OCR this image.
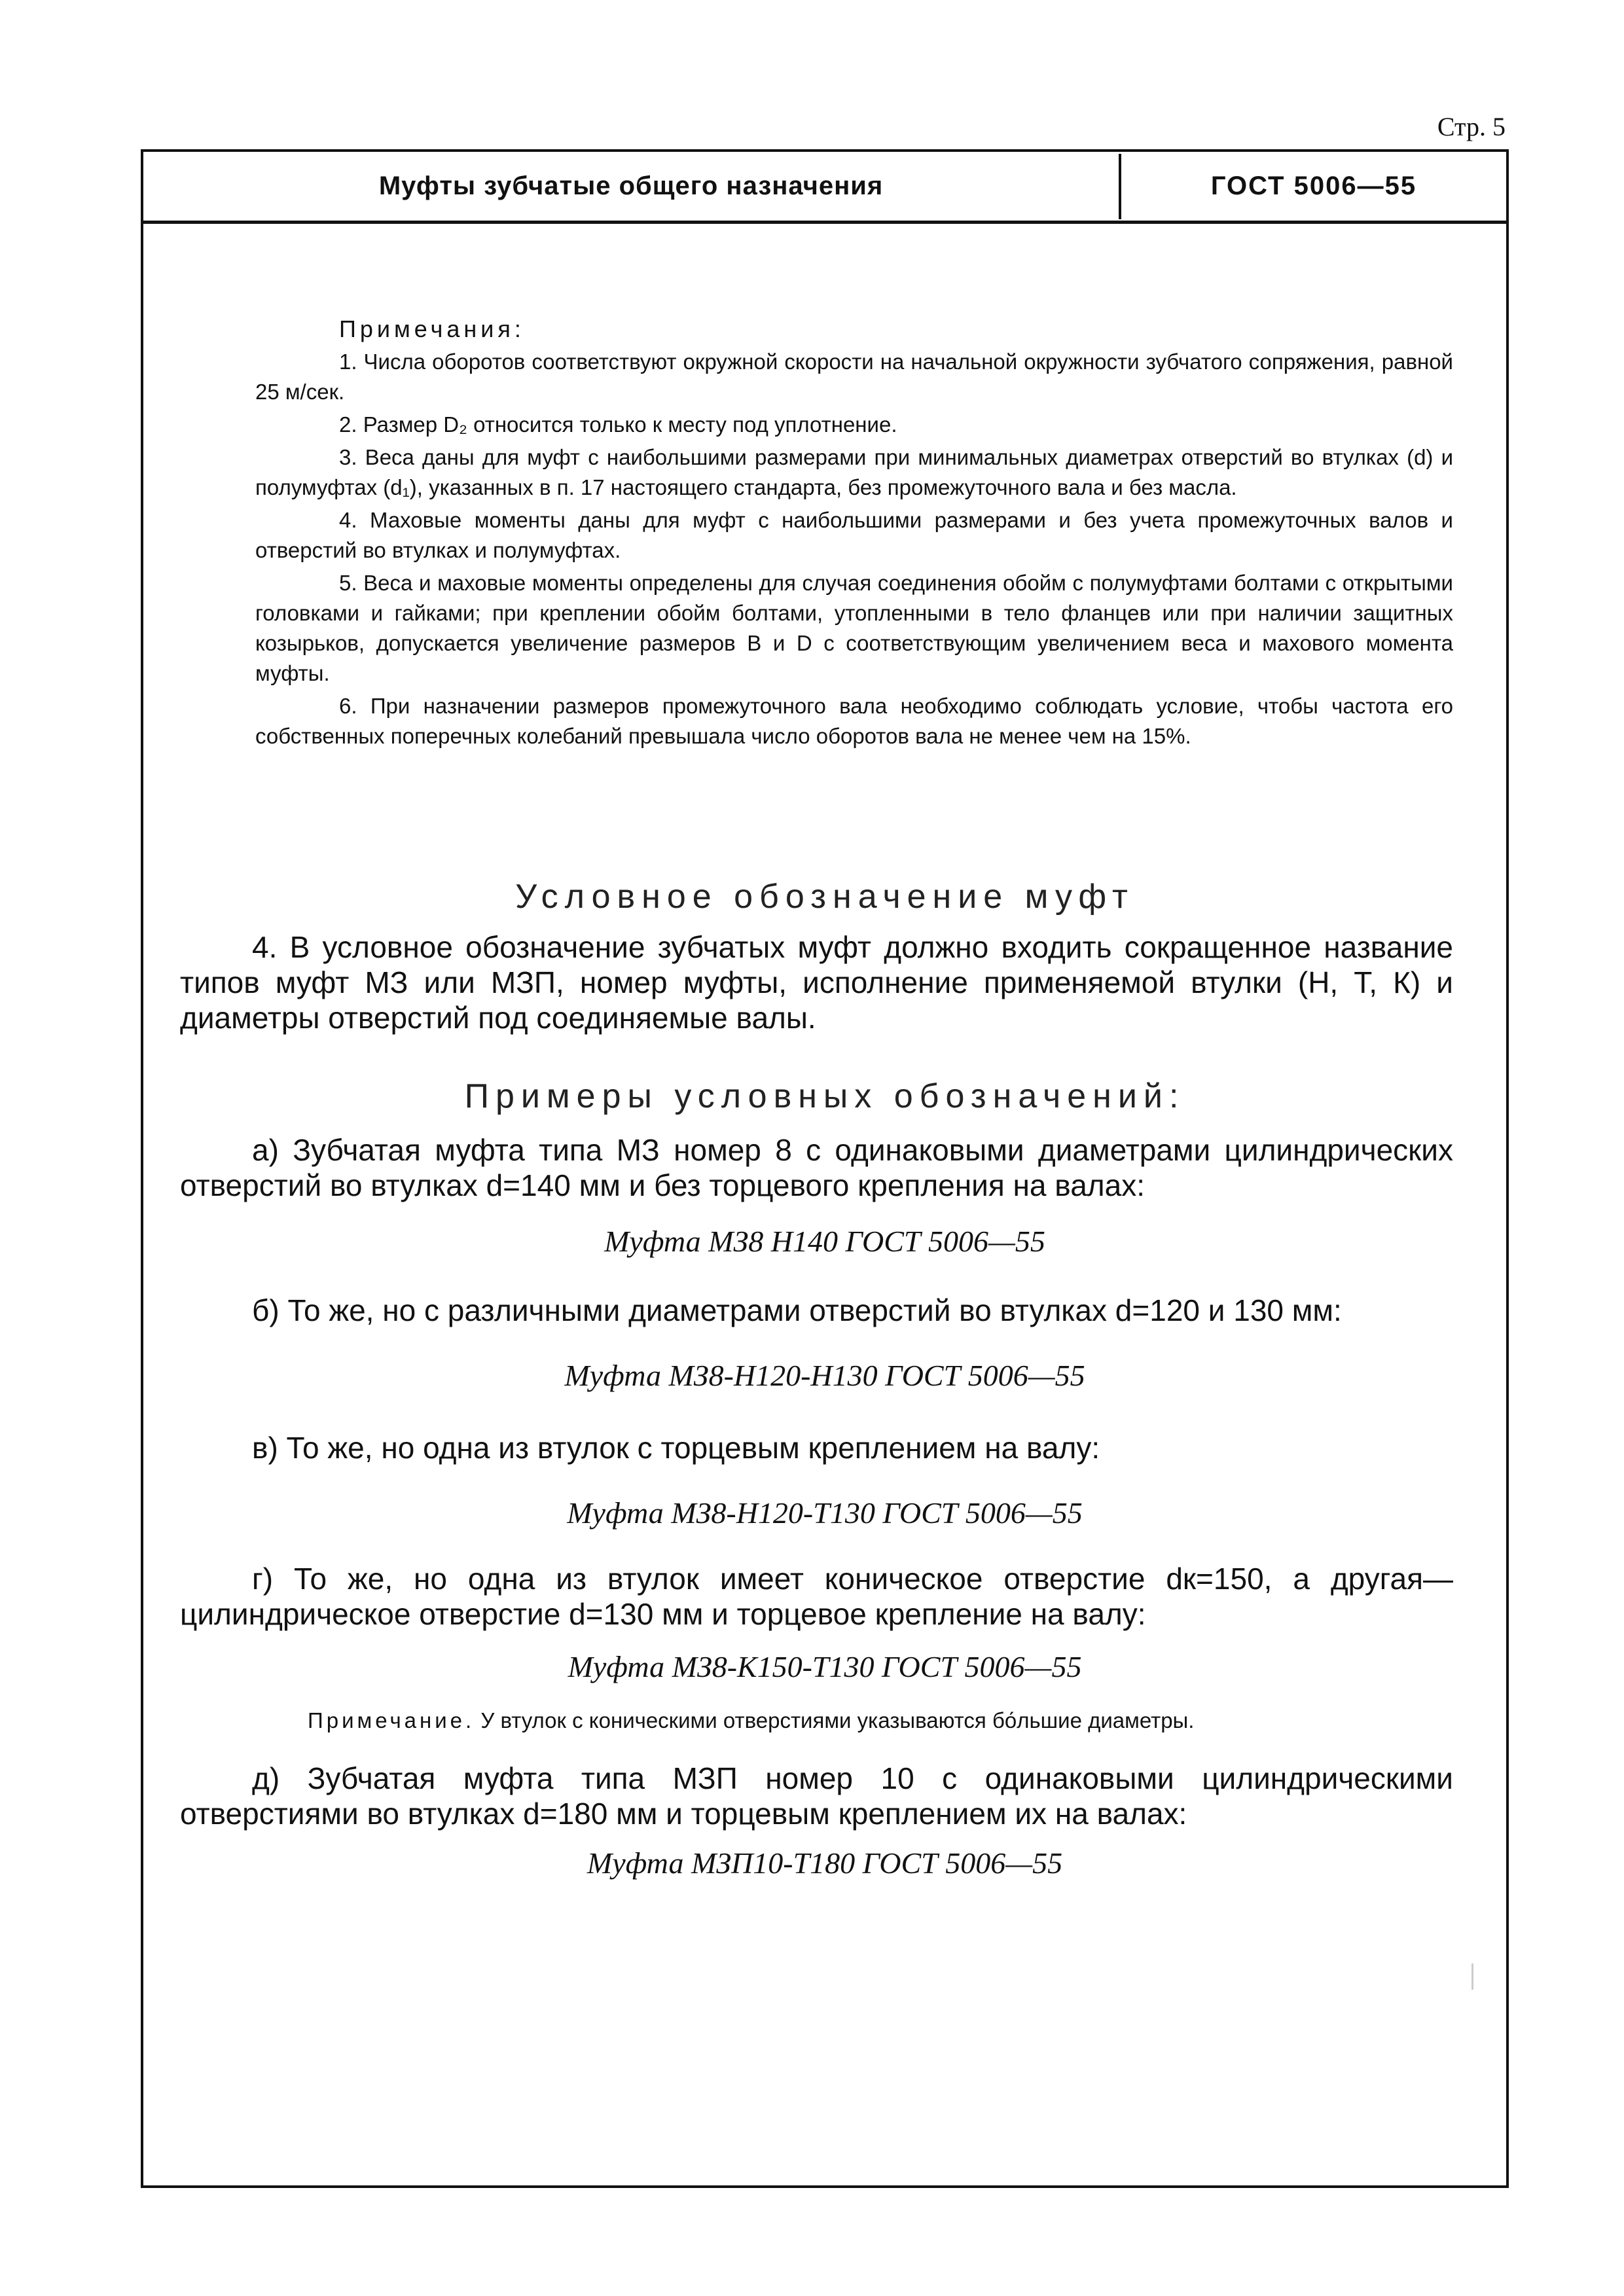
Стр. 5
Муфты зубчатые общего назначения	ГОСТ 5006—55
Примечания:

1. Числа оборотов соответствуют окружной скорости на начальной окружности зубчатого сопряжения, равной 25 м/сек.

2. Размер D₂ относится только к месту под уплотнение.

3. Веса даны для муфт с наибольшими размерами при минимальных диаметрах отверстий во втулках (d) и полумуфтах (d₁), указанных в п. 17 настоящего стандарта, без промежуточного вала и без масла.

4. Маховые моменты даны для муфт с наибольшими размерами и без учета промежуточных валов и отверстий во втулках и полумуфтах.

5. Веса и маховые моменты определены для случая соединения обойм с полумуфтами болтами с открытыми головками и гайками; при креплении обойм болтами, утопленными в тело фланцев или при наличии защитных козырьков, допускается увеличение размеров В и D с соответствующим увеличением веса и махового момента муфты.

6. При назначении размеров промежуточного вала необходимо соблюдать условие, чтобы частота его собственных поперечных колебаний превышала число оборотов вала не менее чем на 15%.

Условное обозначение муфт
4. В условное обозначение зубчатых муфт должно входить сокращенное название типов муфт МЗ или МЗП, номер муфты, исполнение применяемой втулки (Н, Т, К) и диаметры отверстий под соединяемые валы.
Примеры условных обозначений:
а) Зубчатая муфта типа МЗ номер 8 с одинаковыми диаметрами цилиндрических отверстий во втулках d=140 мм и без торцевого крепления на валах:
Муфта МЗ8 Н140 ГОСТ 5006—55
б) То же, но с различными диаметрами отверстий во втулках d=120 и 130 мм:
Муфта МЗ8-Н120-Н130 ГОСТ 5006—55
в) То же, но одна из втулок с торцевым креплением на валу:
Муфта МЗ8-Н120-Т130 ГОСТ 5006—55
г) То же, но одна из втулок имеет коническое отверстие dк=150, а другая—цилиндрическое отверстие d=130 мм и торцевое крепление на валу:
Муфта МЗ8-К150-Т130 ГОСТ 5006—55
Примечание. У втулок с коническими отверстиями указываются бо́льшие диаметры.
д) Зубчатая муфта типа МЗП номер 10 с одинаковыми цилиндрическими отверстиями во втулках d=180 мм и торцевым креплением их на валах:
Муфта МЗП10-Т180 ГОСТ 5006—55
